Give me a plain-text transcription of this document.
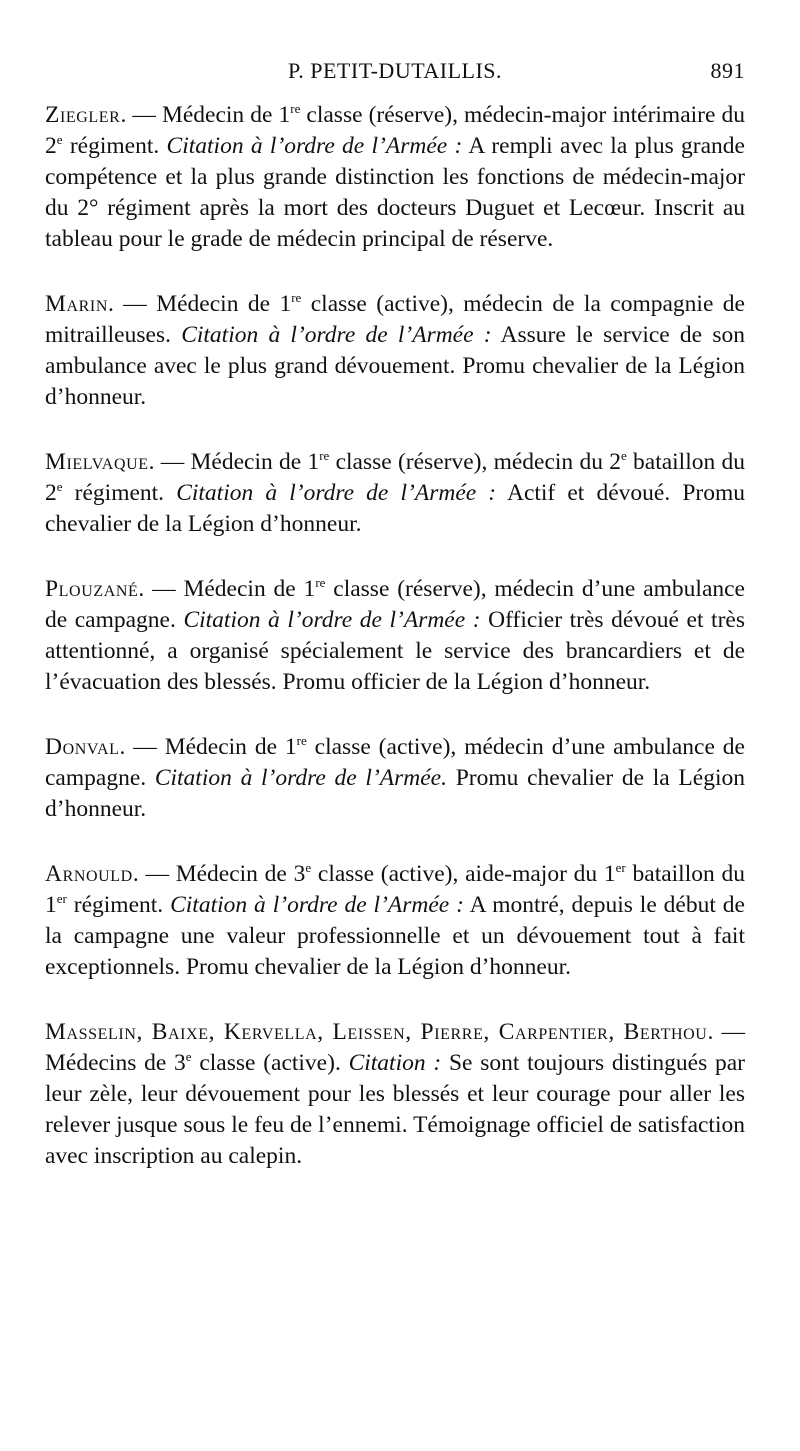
P. PETIT-DUTAILLIS.	891

Ziegler. — Médecin de 1re classe (réserve), médecin-major intérimaire du 2e régiment. Citation à l’ordre de l’Armée : A rempli avec la plus grande compétence et la plus grande distinction les fonctions de médecin-major du 2° régiment après la mort des docteurs Duguet et Lecœur. Inscrit au tableau pour le grade de médecin principal de réserve.

Marin. — Médecin de 1re classe (active), médecin de la compagnie de mitrailleuses. Citation à l’ordre de l’Armée : Assure le service de son ambulance avec le plus grand dévouement. Promu chevalier de la Légion d’honneur.

Mielvaque. — Médecin de 1re classe (réserve), médecin du 2e bataillon du 2e régiment. Citation à l’ordre de l’Armée : Actif et dévoué. Promu chevalier de la Légion d’honneur.

Plouzané. — Médecin de 1re classe (réserve), médecin d’une ambulance de campagne. Citation à l’ordre de l’Armée : Officier très dévoué et très attentionné, a organisé spécialement le service des brancardiers et de l’évacuation des blessés. Promu officier de la Légion d’honneur.

Donval. — Médecin de 1re classe (active), médecin d’une ambulance de campagne. Citation à l’ordre de l’Armée. Promu chevalier de la Légion d’honneur.

Arnould. — Médecin de 3e classe (active), aide-major du 1er bataillon du 1er régiment. Citation à l’ordre de l’Armée : A montré, depuis le début de la campagne une valeur professionnelle et un dévouement tout à fait exceptionnels. Promu chevalier de la Légion d’honneur.

Masselin, Baixe, Kervella, Leissen, Pierre, Carpentier, Berthou. — Médecins de 3e classe (active). Citation : Se sont toujours distingués par leur zèle, leur dévouement pour les blessés et leur courage pour aller les relever jusque sous le feu de l’ennemi. Témoignage officiel de satisfaction avec inscription au calepin.
